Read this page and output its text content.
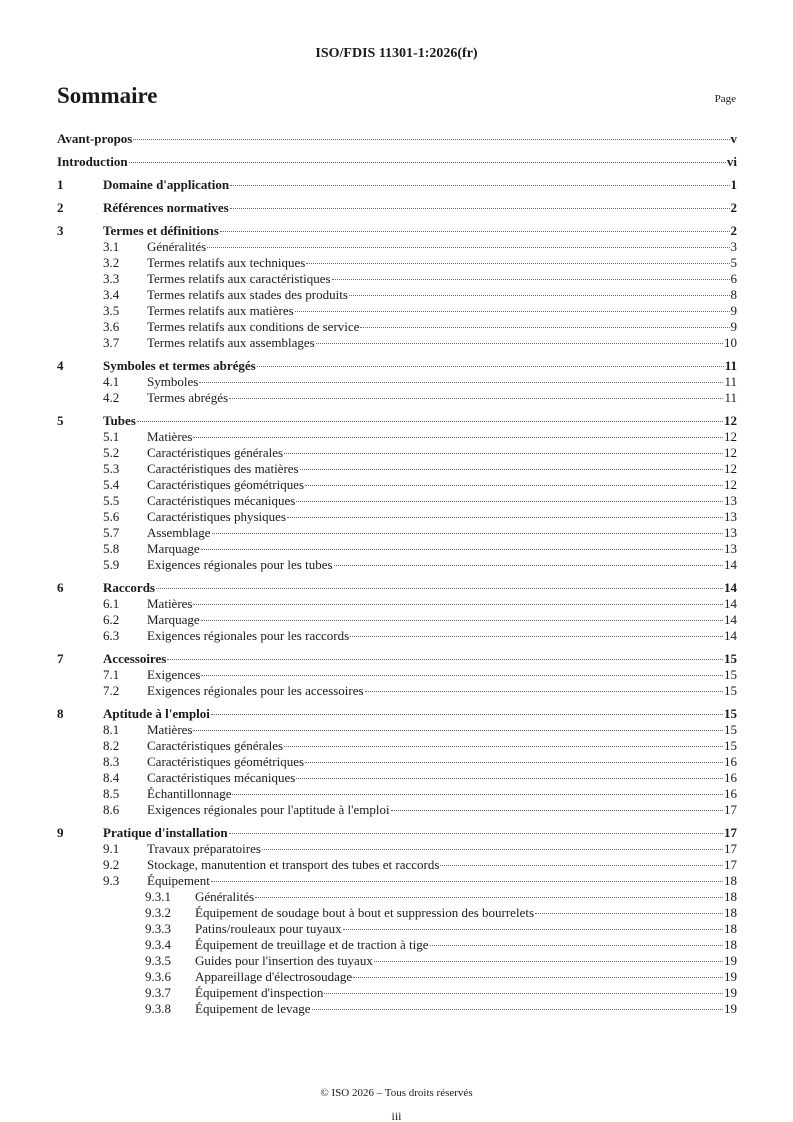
ISO/FDIS 11301-1:2026(fr)
Sommaire	Page
Avant-propos	v
Introduction	vi
1	Domaine d'application	1
2	Références normatives	2
3	Termes et définitions	2
3.1	Généralités	3
3.2	Termes relatifs aux techniques	5
3.3	Termes relatifs aux caractéristiques	6
3.4	Termes relatifs aux stades des produits	8
3.5	Termes relatifs aux matières	9
3.6	Termes relatifs aux conditions de service	9
3.7	Termes relatifs aux assemblages	10
4	Symboles et termes abrégés	11
4.1	Symboles	11
4.2	Termes abrégés	11
5	Tubes	12
5.1	Matières	12
5.2	Caractéristiques générales	12
5.3	Caractéristiques des matières	12
5.4	Caractéristiques géométriques	12
5.5	Caractéristiques mécaniques	13
5.6	Caractéristiques physiques	13
5.7	Assemblage	13
5.8	Marquage	13
5.9	Exigences régionales pour les tubes	14
6	Raccords	14
6.1	Matières	14
6.2	Marquage	14
6.3	Exigences régionales pour les raccords	14
7	Accessoires	15
7.1	Exigences	15
7.2	Exigences régionales pour les accessoires	15
8	Aptitude à l'emploi	15
8.1	Matières	15
8.2	Caractéristiques générales	15
8.3	Caractéristiques géométriques	16
8.4	Caractéristiques mécaniques	16
8.5	Échantillonnage	16
8.6	Exigences régionales pour l'aptitude à l'emploi	17
9	Pratique d'installation	17
9.1	Travaux préparatoires	17
9.2	Stockage, manutention et transport des tubes et raccords	17
9.3	Équipement	18
9.3.1	Généralités	18
9.3.2	Équipement de soudage bout à bout et suppression des bourrelets	18
9.3.3	Patins/rouleaux pour tuyaux	18
9.3.4	Équipement de treuillage et de traction à tige	18
9.3.5	Guides pour l'insertion des tuyaux	19
9.3.6	Appareillage d'électrosoudage	19
9.3.7	Équipement d'inspection	19
9.3.8	Équipement de levage	19
© ISO 2026 – Tous droits réservés
iii
